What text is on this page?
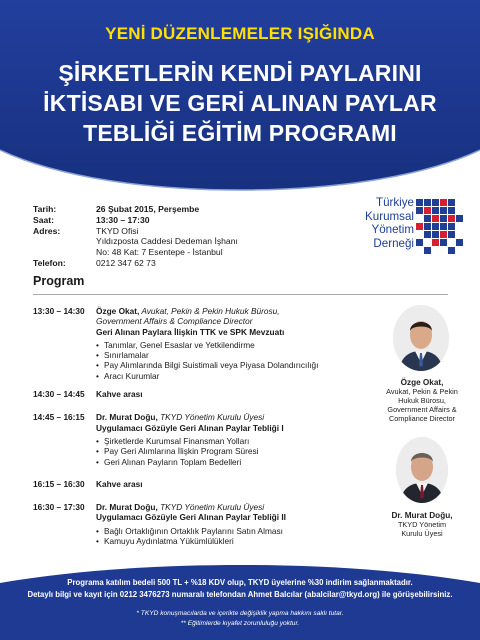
YENİ DÜZENLEMELER IŞIĞINDA
ŞİRKETLERİN KENDİ PAYLARINI
İKTİSABI VE GERİ ALINAN PAYLAR
TEBLİĞİ EĞİTİM PROGRAMI
Tarih:	26 Şubat 2015, Perşembe
Saat:	13:30 – 17:30
Adres:	TKYD Ofisi
Yıldızposta Caddesi Dedeman İşhanı
No: 48 Kat: 7 Esentepe - İstanbul
Telefon:	0212 347 62 73
Türkiye
Kurumsal
Yönetim
Derneği
Program
13:30 – 14:30	Özge Okat, Avukat, Pekin & Pekin Hukuk Bürosu,
Government Affairs & Compliance Director
Geri Alınan Paylara İlişkin TTK ve SPK Mevzuatı
• Tanımlar, Genel Esaslar ve Yetkilendirme
• Sınırlamalar
• Pay Alımlarında Bilgi Suistimali veya Piyasa Dolandırıcılığı
• Aracı Kurumlar
14:30 – 14:45	Kahve arası
14:45 – 16:15	Dr. Murat Doğu, TKYD Yönetim Kurulu Üyesi
Uygulamacı Gözüyle Geri Alınan Paylar Tebliği I
• Şirketlerde Kurumsal Finansman Yolları
• Pay Geri Alımlarına İlişkin Program Süresi
• Geri Alınan Payların Toplam Bedelleri
16:15 – 16:30	Kahve arası
16:30 – 17:30	Dr. Murat Doğu, TKYD Yönetim Kurulu Üyesi
Uygulamacı Gözüyle Geri Alınan Paylar Tebliği II
• Bağlı Ortaklığının Ortaklık Paylarını Satın Alması
• Kamuyu Aydınlatma Yükümlülükleri
Özge Okat,
Avukat, Pekin & Pekin
Hukuk Bürosu,
Government Affairs &
Compliance Director
Dr. Murat Doğu,
TKYD Yönetim
Kurulu Üyesi
Programa katılım bedeli 500 TL + %18 KDV olup, TKYD üyelerine %30 indirim sağlanmaktadır.
Detaylı bilgi ve kayıt için 0212 3476273 numaralı telefondan Ahmet Balcılar (abalcilar@tkyd.org) ile görüşebilirsiniz.
* TKYD konuşmacılarda ve içerikte değişiklik yapma hakkını saklı tutar.
** Eğitimlerde kıyafet zorunluluğu yoktur.
